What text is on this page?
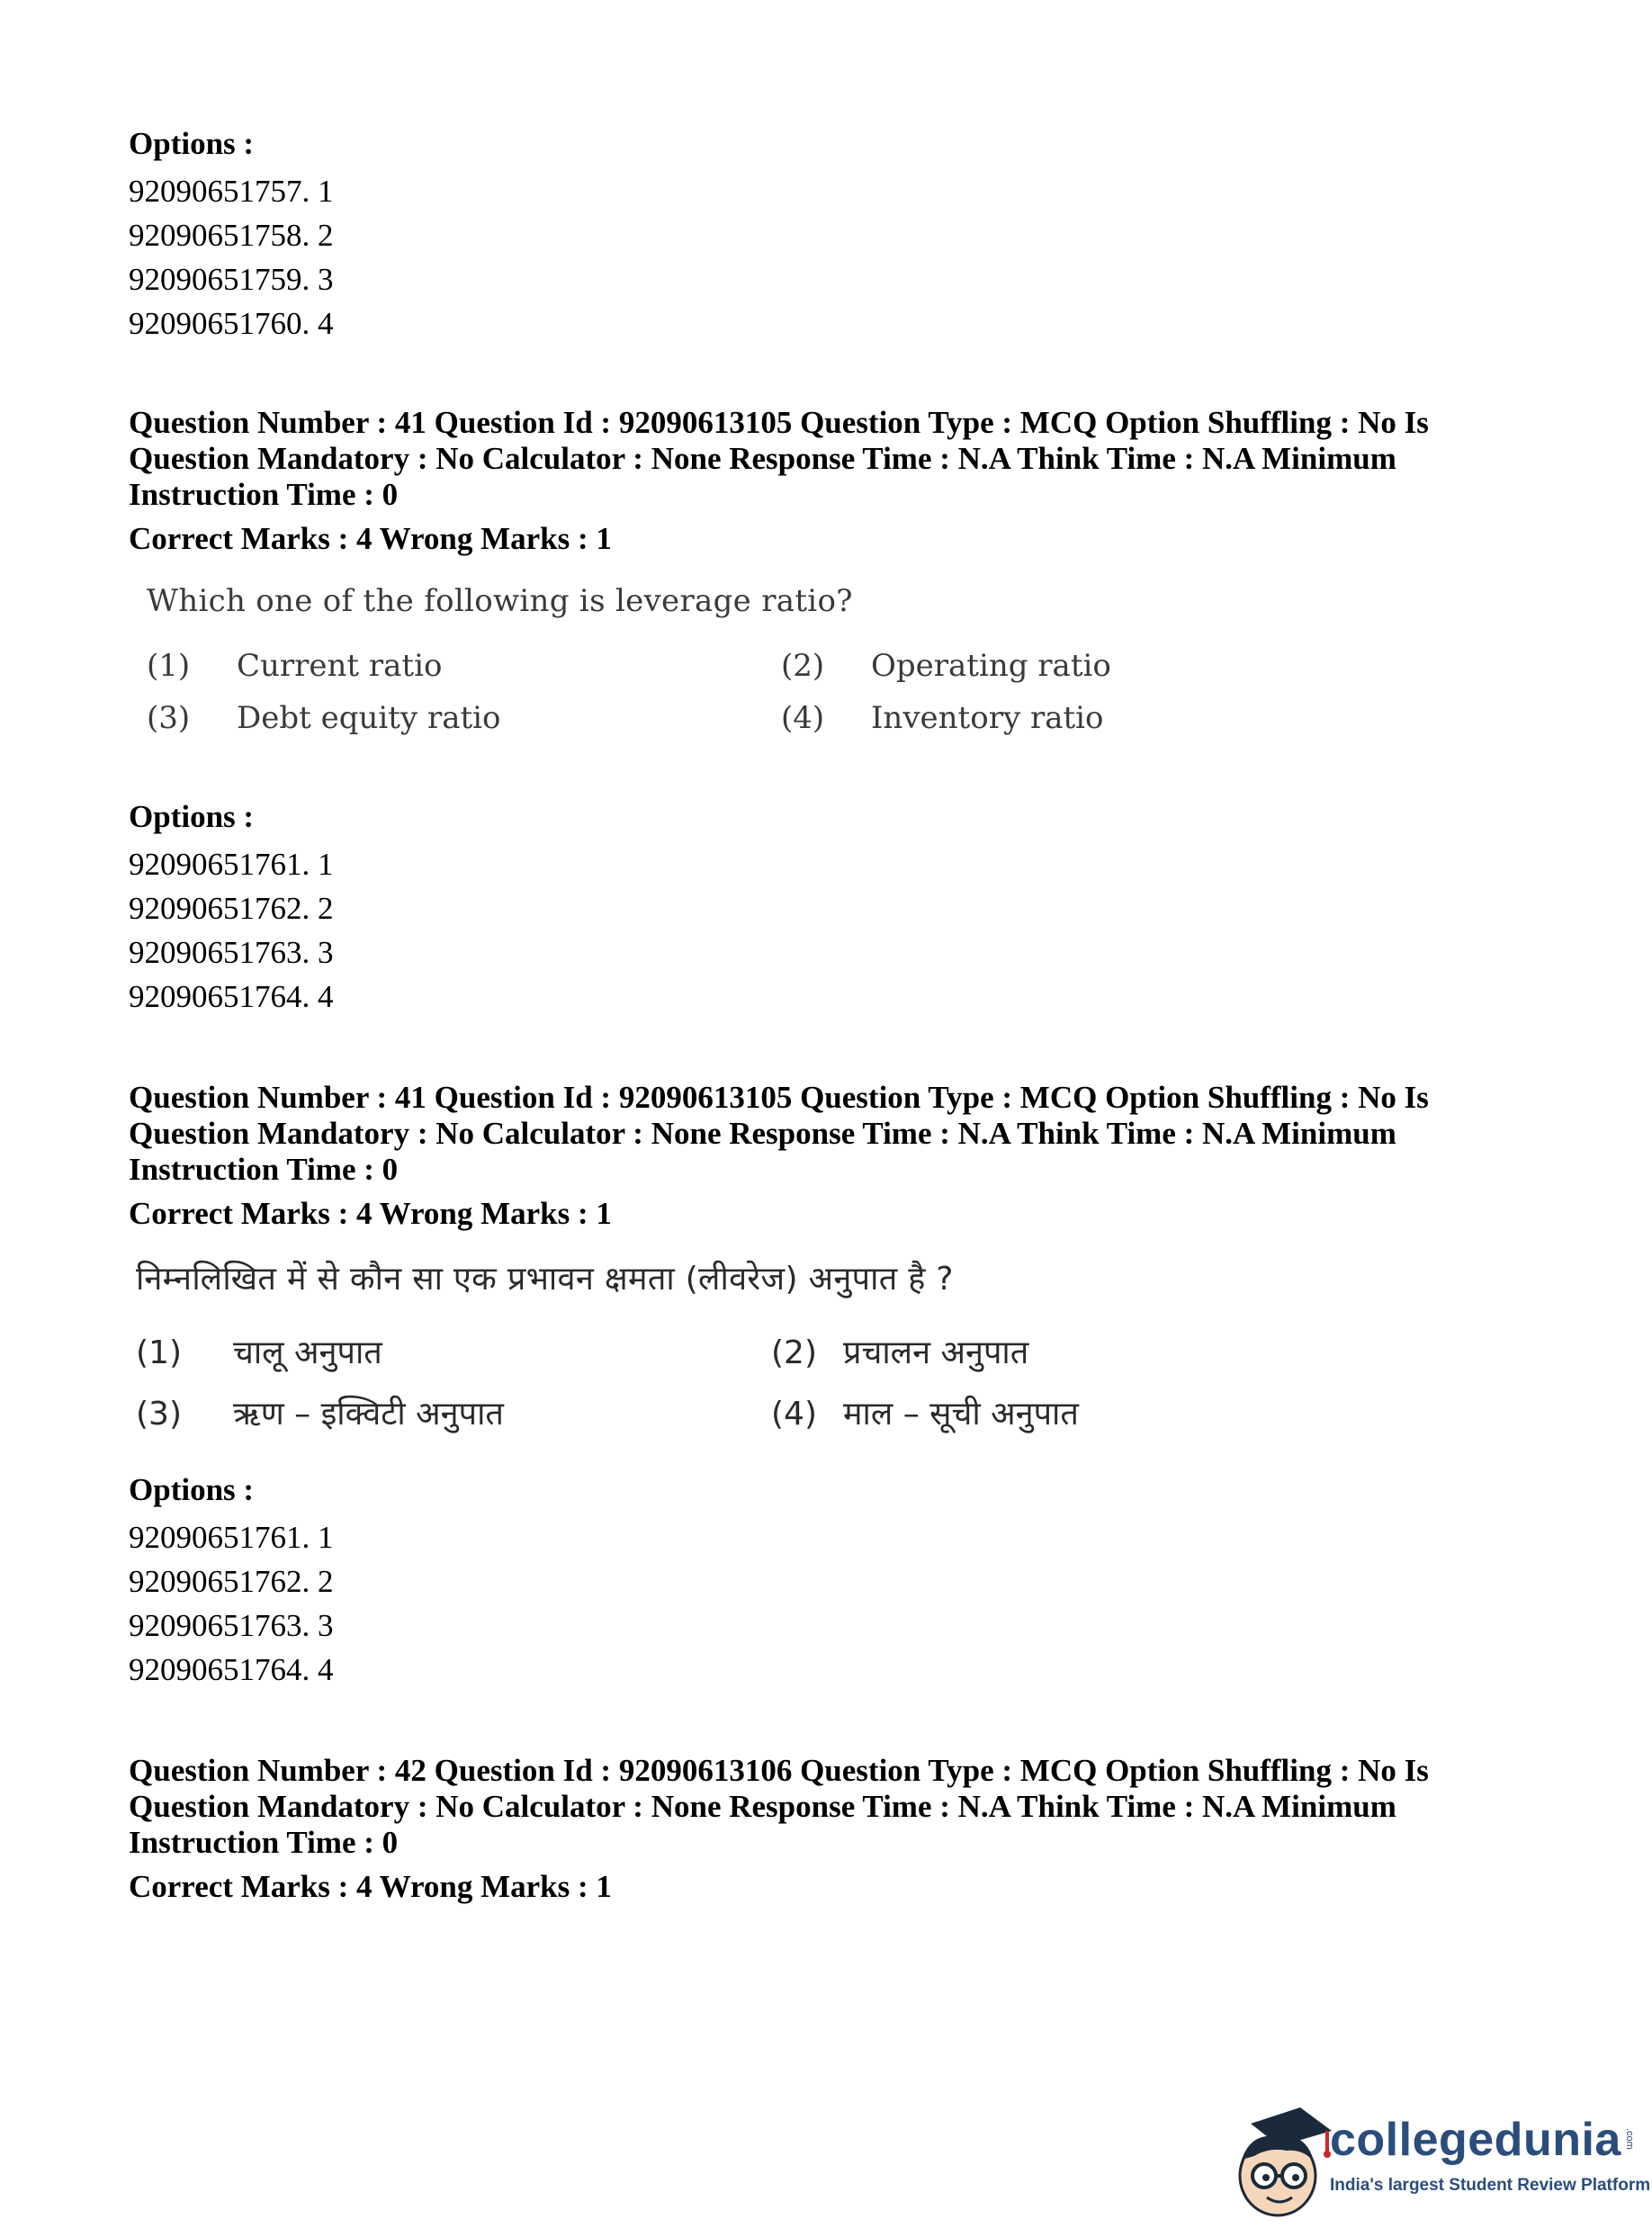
Options :
92090651757. 1
92090651758. 2
92090651759. 3
92090651760. 4
Question Number : 41 Question Id : 92090613105 Question Type : MCQ Option Shuffling : No Is
Question Mandatory : No Calculator : None Response Time : N.A Think Time : N.A Minimum
Instruction Time : 0
Correct Marks : 4 Wrong Marks : 1
Which one of the following is leverage ratio?
(1) Current ratio	(2) Operating ratio
(3) Debt equity ratio	(4) Inventory ratio
Options :
92090651761. 1
92090651762. 2
92090651763. 3
92090651764. 4
Question Number : 41 Question Id : 92090613105 Question Type : MCQ Option Shuffling : No Is
Question Mandatory : No Calculator : None Response Time : N.A Think Time : N.A Minimum
Instruction Time : 0
Correct Marks : 4 Wrong Marks : 1
निम्नलिखित में से कौन सा एक प्रभावन क्षमता (लीवरेज) अनुपात है ?
(1) चालू अनुपात	(2) प्रचालन अनुपात
(3) ऋण – इक्विटी अनुपात	(4) माल – सूची अनुपात
Options :
92090651761. 1
92090651762. 2
92090651763. 3
92090651764. 4
Question Number : 42 Question Id : 92090613106 Question Type : MCQ Option Shuffling : No Is
Question Mandatory : No Calculator : None Response Time : N.A Think Time : N.A Minimum
Instruction Time : 0
Correct Marks : 4 Wrong Marks : 1
collegedunia
India's largest Student Review Platform
.com
